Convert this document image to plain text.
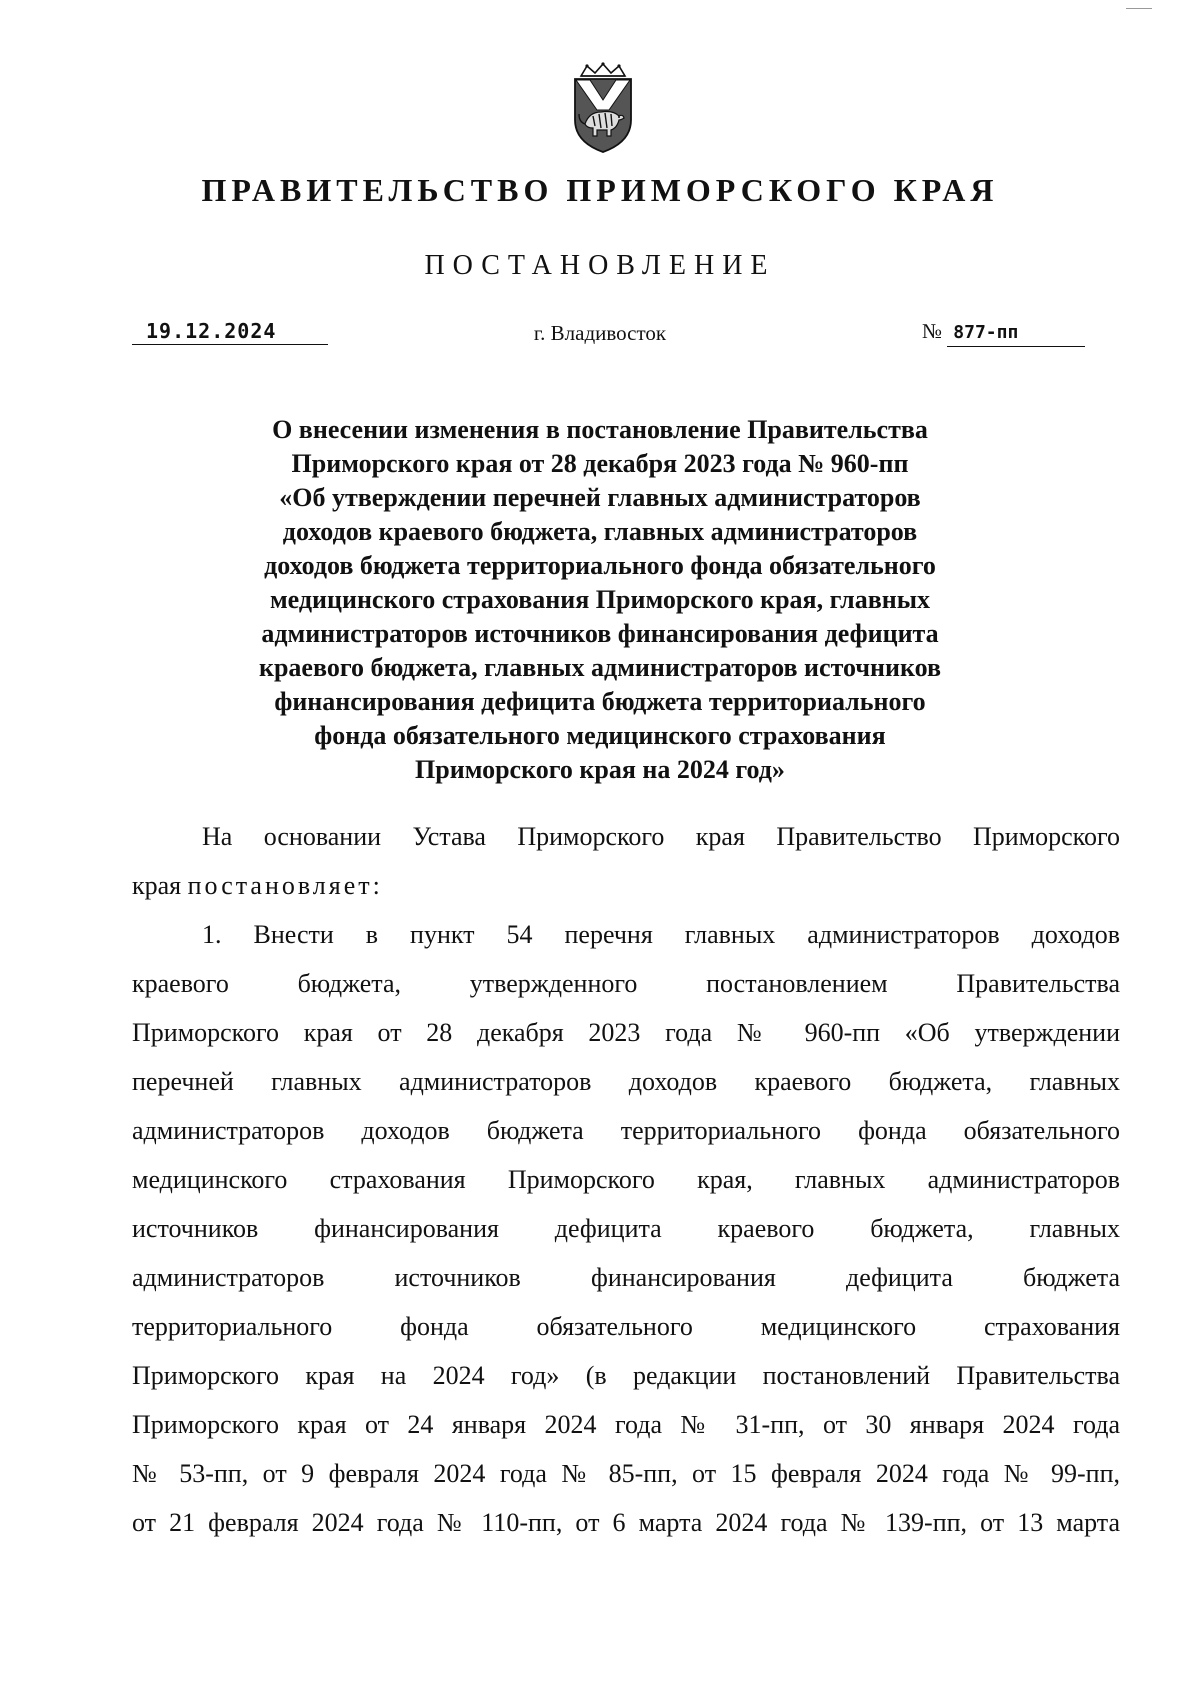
ПРАВИТЕЛЬСТВО ПРИМОРСКОГО КРАЯ
ПОСТАНОВЛЕНИЕ
19.12.2024	г. Владивосток	№ 877-пп
О внесении изменения в постановление Правительства
Приморского края от 28 декабря 2023 года № 960-пп
«Об утверждении перечней главных администраторов
доходов краевого бюджета, главных администраторов
доходов бюджета территориального фонда обязательного
медицинского страхования Приморского края, главных
администраторов источников финансирования дефицита
краевого бюджета, главных администраторов источников
финансирования дефицита бюджета территориального
фонда обязательного медицинского страхования
Приморского края на 2024 год»
На основании Устава Приморского края Правительство Приморского
края постановляет:
1. Внести в пункт 54 перечня главных администраторов доходов
краевого бюджета, утвержденного постановлением Правительства
Приморского края от 28 декабря 2023 года № 960-пп «Об утверждении
перечней главных администраторов доходов краевого бюджета, главных
администраторов доходов бюджета территориального фонда обязательного
медицинского страхования Приморского края, главных администраторов
источников финансирования дефицита краевого бюджета, главных
администраторов источников финансирования дефицита бюджета
территориального фонда обязательного медицинского страхования
Приморского края на 2024 год» (в редакции постановлений Правительства
Приморского края от 24 января 2024 года № 31-пп, от 30 января 2024 года
№ 53-пп, от 9 февраля 2024 года № 85-пп, от 15 февраля 2024 года № 99-пп,
от 21 февраля 2024 года № 110-пп, от 6 марта 2024 года № 139-пп, от 13 марта
